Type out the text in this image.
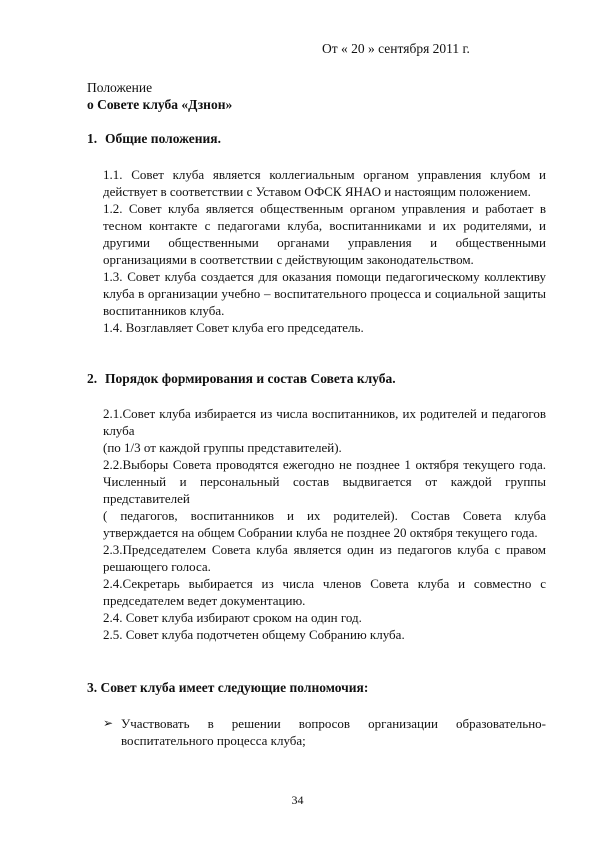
От « 20 » сентября 2011 г.
Положение
о Совете клуба «Дзнон»
1. Общие положения.

1.1. Совет клуба является коллегиальным органом управления клубом и действует в соответствии с Уставом ОФСК ЯНАО и настоящим положением.

1.2. Совет клуба является общественным органом управления и работает в тесном контакте с педагогами клуба, воспитанниками и их родителями, и другими общественными органами управления и общественными организациями в соответствии с действующим законодательством.

1.3. Совет клуба создается для оказания помощи педагогическому коллективу клуба в организации учебно – воспитательного процесса и социальной защиты воспитанников клуба.

1.4. Возглавляет Совет клуба его председатель.

2. Порядок формирования и состав Совета клуба.

2.1.Совет клуба избирается из числа воспитанников, их родителей и педагогов клуба

(по 1/3 от каждой группы представителей).

2.2.Выборы Совета проводятся ежегодно не позднее 1 октября текущего года. Численный и персональный состав выдвигается от каждой группы представителей

( педагогов, воспитанников и их родителей). Состав Совета клуба утверждается на общем Собрании клуба не позднее 20 октября текущего года.

2.3.Председателем Совета клуба является один из педагогов клуба с правом решающего голоса.

2.4.Секретарь выбирается из числа членов Совета клуба и совместно с председателем ведет документацию.

2.4. Совет клуба избирают сроком на один год.

2.5. Совет клуба подотчетен общему Собранию клуба.

3. Совет клуба имеет следующие полномочия:
➢ Участвовать в решении вопросов организации образовательно-воспитательного процесса клуба;
34
